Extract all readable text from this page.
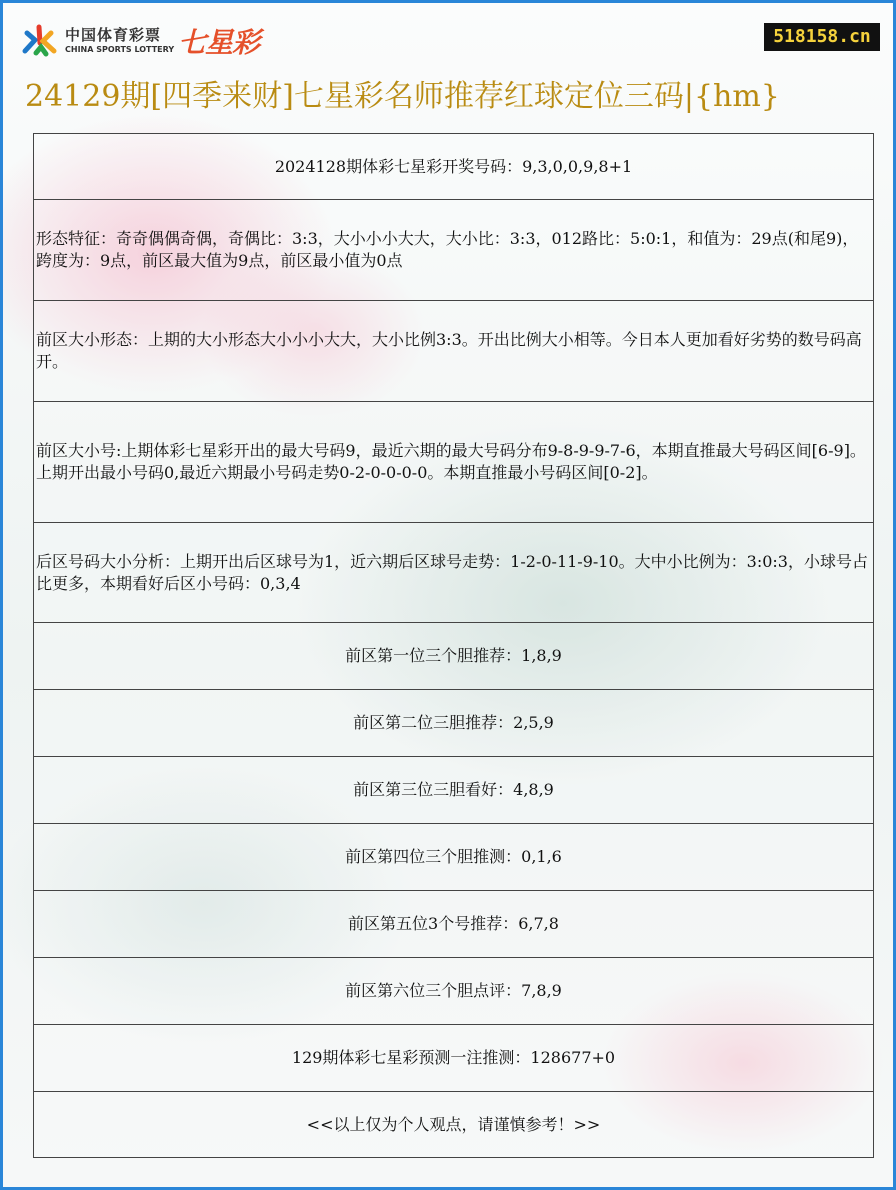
中国体育彩票
CHINA SPORTS LOTTERY 七星彩	518158.cn
24129期[四季来财]七星彩名师推荐红球定位三码|{hm}
2024128期体彩七星彩开奖号码：9,3,0,0,9,8+1
形态特征：奇奇偶偶奇偶，奇偶比：3:3，大小小小大大，大小比：3:3，012路比：5:0:1，和值为：29点(和尾9)，跨度为：9点，前区最大值为9点，前区最小值为0点
前区大小形态：上期的大小形态大小小小大大，大小比例3:3。开出比例大小相等。今日本人更加看好劣势的数号码高开。
前区大小号:上期体彩七星彩开出的最大号码9，最近六期的最大号码分布9-8-9-9-7-6，本期直推最大号码区间[6-9]。上期开出最小号码0,最近六期最小号码走势0-2-0-0-0-0。本期直推最小号码区间[0-2]。
后区号码大小分析：上期开出后区球号为1，近六期后区球号走势：1-2-0-11-9-10。大中小比例为：3:0:3，小球号占比更多，本期看好后区小号码：0,3,4
前区第一位三个胆推荐：1,8,9
前区第二位三胆推荐：2,5,9
前区第三位三胆看好：4,8,9
前区第四位三个胆推测：0,1,6
前区第五位3个号推荐：6,7,8
前区第六位三个胆点评：7,8,9
129期体彩七星彩预测一注推测：128677+0
<<以上仅为个人观点，请谨慎参考！>>
